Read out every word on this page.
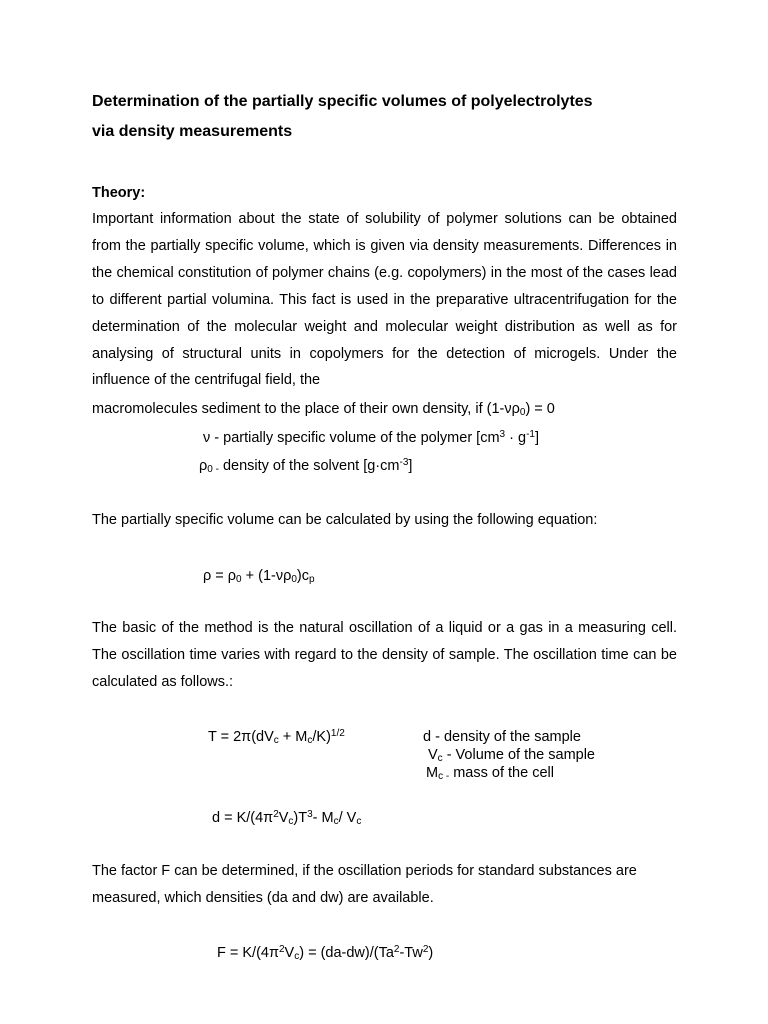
Determination of the partially specific volumes of polyelectrolytes
via density measurements
Theory:

Important information about the state of solubility of polymer solutions can be obtained from the partially specific volume, which is given via density measurements. Differences in the chemical constitution of polymer chains (e.g. copolymers) in the most of the cases lead to different partial volumina. This fact is used in the preparative ultracentrifugation for the determination of the molecular weight and molecular weight distribution as well as for analysing of structural units in copolymers for the detection of microgels. Under the influence of the centrifugal field, the

macromolecules sediment to the place of their own density, if $(1-\nu\rho_0) = 0$
ν - partially specific volume of the polymer $[cm^3 \cdot g^{-1}]$
$\rho_{0 -}$ density of the solvent $[g\cdot cm^{-3}]$
The partially specific volume can be calculated by using the following equation:
$\rho = \rho_0 + (1-\nu\rho_0)c_p$

The basic of the method is the natural oscillation of a liquid or a gas in a measuring cell. The oscillation time varies with regard to the density of sample. The oscillation time can be calculated as follows.:

$T = 2\pi(dV_c + M_c/K)^{1/2}$	d - density of the sample
$V_c$ - Volume of the sample
$M_{c -}$ mass of the cell
$d = K/(4\pi^2V_c)T^3-$ $M_c/$ $V_c$

The factor F can be determined, if the oscillation periods for standard substances are measured, which densities (da and dw) are available.

$F = K/(4\pi^2V_c) = (da-dw)/(Ta^2-Tw^2)$
